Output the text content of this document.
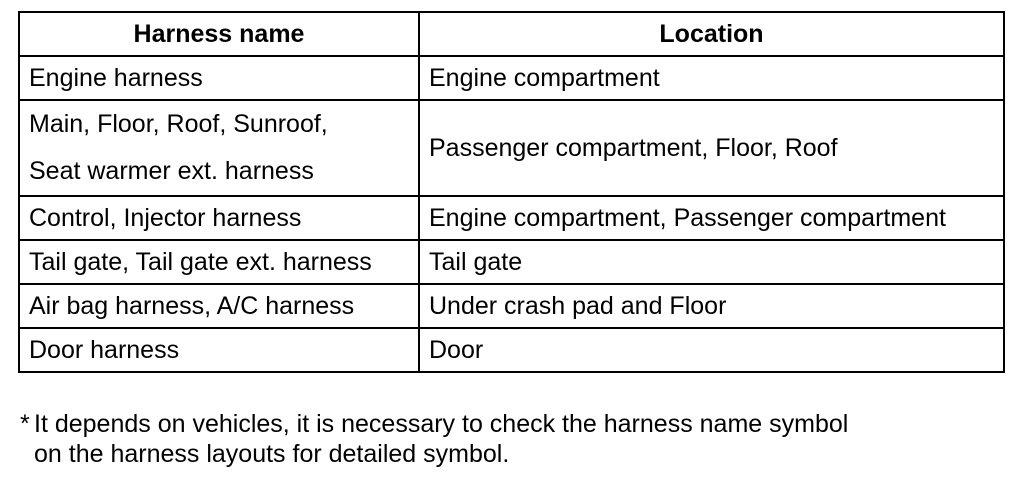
Harness name	Location
Engine harness	Engine compartment

Main, Floor, Roof, Sunroof,
Seat warmer ext. harness	Passenger compartment, Floor, Roof
Control, Injector harness	Engine compartment, Passenger compartment
Tail gate, Tail gate ext. harness	Tail gate
Air bag harness, A/C harness	Under crash pad and Floor
Door harness	Door
* It depends on vehicles, it is necessary to check the harness name symbol
on the harness layouts for detailed symbol.
